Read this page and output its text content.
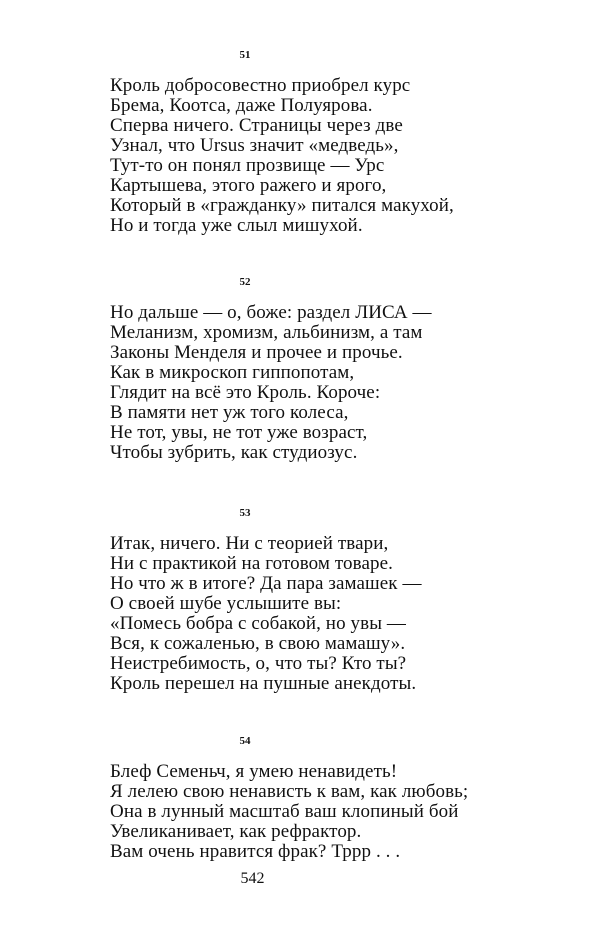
51
Кроль добросовестно приобрел курс
Брема, Коотса, даже Полуярова.
Сперва ничего. Страницы через две
Узнал, что Ursus значит «медведь»,
Тут-то он понял прозвище — Урс
Картышева, этого ражего и ярого,
Который в «гражданку» питался макухой,
Но и тогда уже слыл мишухой.
52
Но дальше — о, боже: раздел ЛИСА —
Меланизм, хромизм, альбинизм, а там
Законы Менделя и прочее и прочье.
Как в микроскоп гиппопотам,
Глядит на всё это Кроль. Короче:
В памяти нет уж того колеса,
Не тот, увы, не тот уже возраст,
Чтобы зубрить, как студиозус.
53
Итак, ничего. Ни с теорией твари,
Ни с практикой на готовом товаре.
Но что ж в итоге? Да пара замашек —
О своей шубе услышите вы:
«Помесь бобра с собакой, но увы —
Вся, к сожаленью, в свою мамашу».
Неистребимость, о, что ты? Кто ты?
Кроль перешел на пушные анекдоты.
54
Блеф Семеньч, я умею ненавидеть!
Я лелею свою ненависть к вам, как любовь;
Она в лунный масштаб ваш клопиный бой
Увеликанивает, как рефрактор.
Вам очень нравится фрак? Трpp . . .
542
